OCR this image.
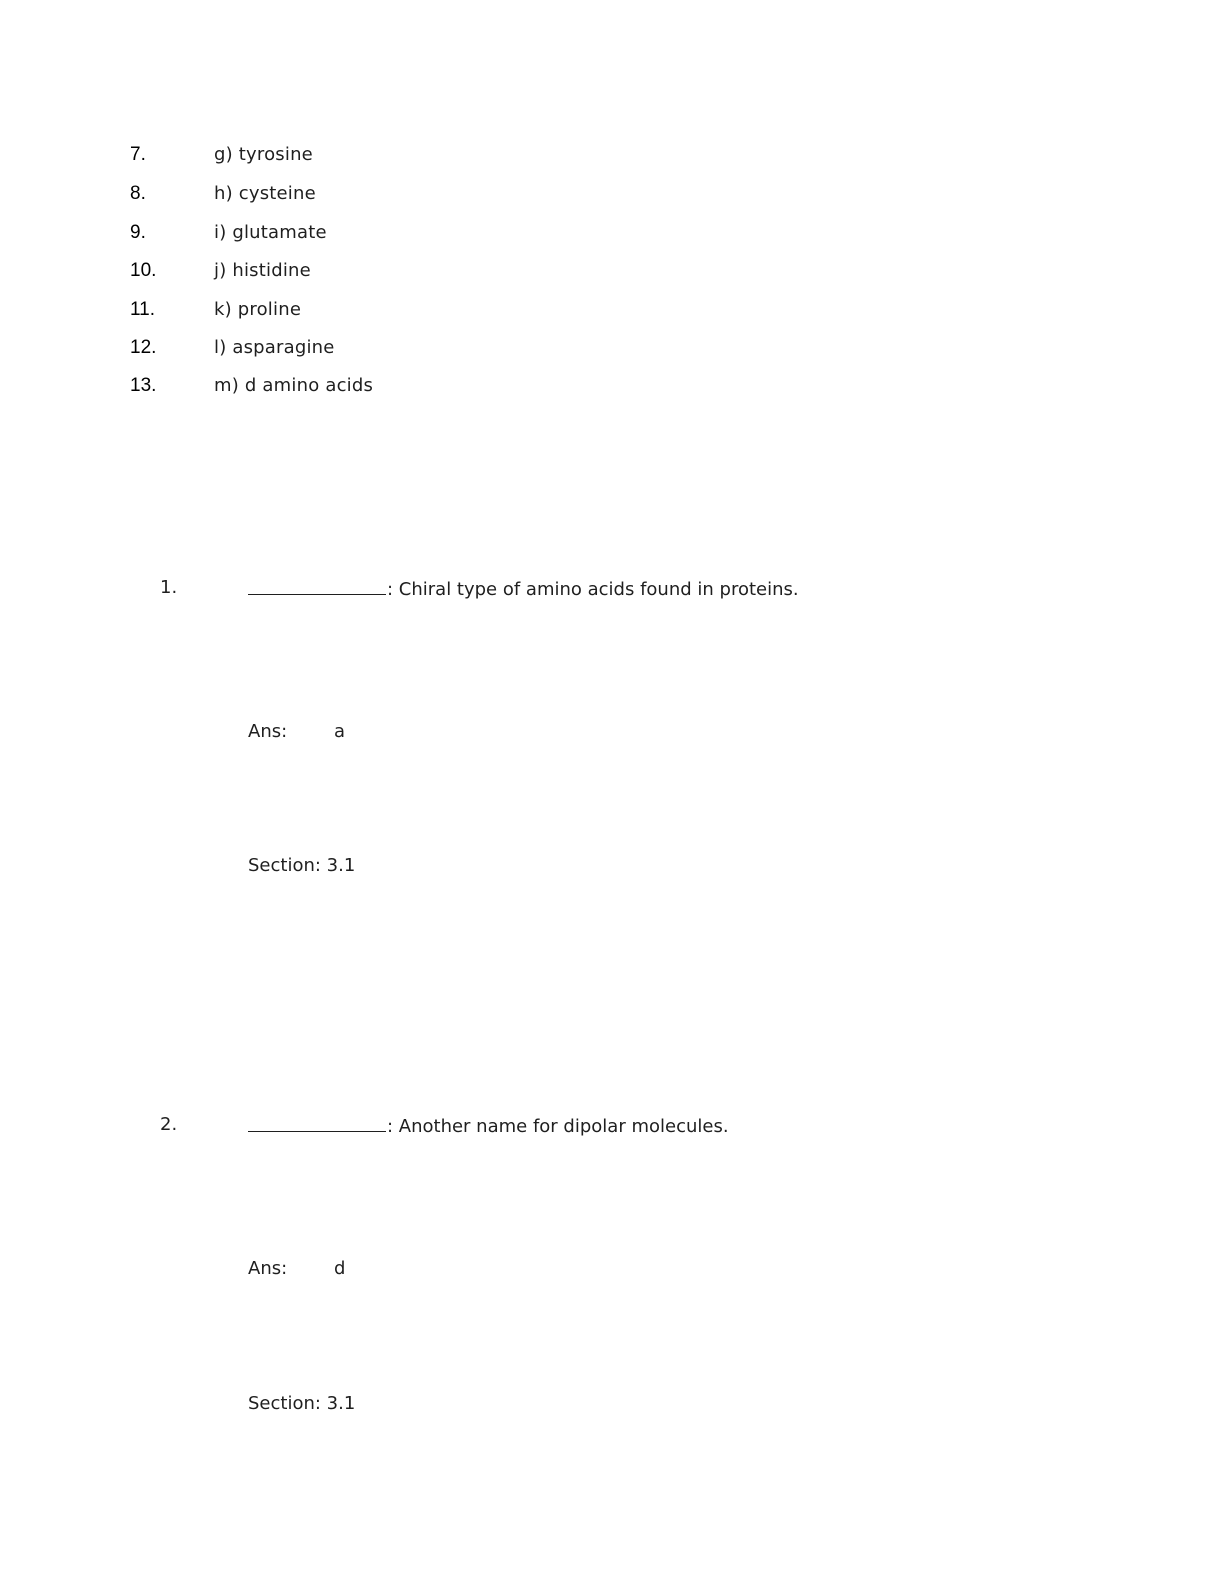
7.	g) tyrosine
8.	h) cysteine
9.	i) glutamate
10.	j) histidine
11.	k) proline
12.	l) asparagine
13.	m) d amino acids
1.	: Chiral type of amino acids found in proteins.
Ans:	a
Section: 3.1
2.	: Another name for dipolar molecules.
Ans:	d
Section: 3.1
